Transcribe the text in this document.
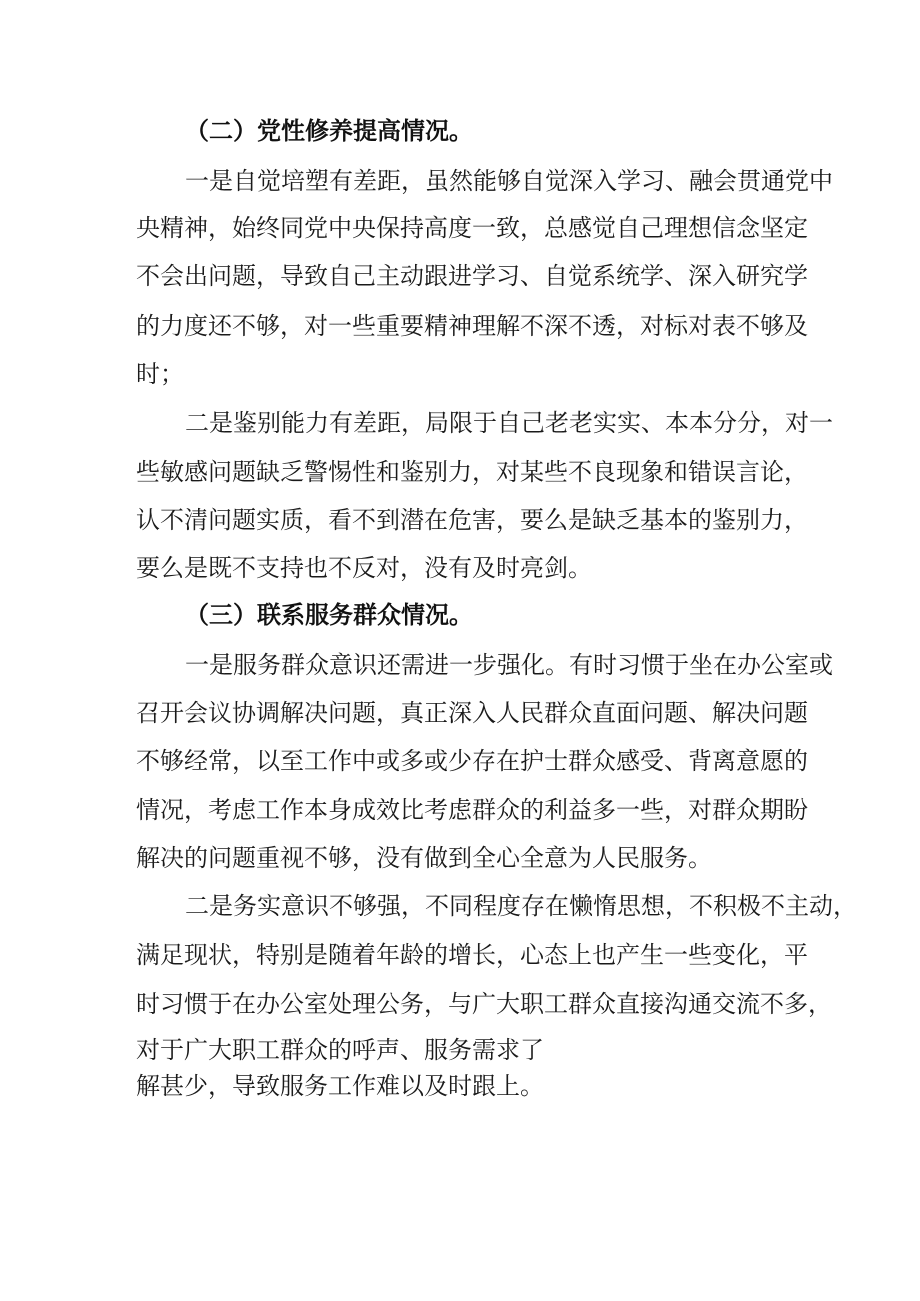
（二）党性修养提高情况。
一是自觉培塑有差距，虽然能够自觉深入学习、融会贯通党中
央精神，始终同党中央保持高度一致，总感觉自己理想信念坚定
不会出问题，导致自己主动跟进学习、自觉系统学、深入研究学
的力度还不够，对一些重要精神理解不深不透，对标对表不够及
时；
二是鉴别能力有差距，局限于自己老老实实、本本分分，对一
些敏感问题缺乏警惕性和鉴别力，对某些不良现象和错误言论，
认不清问题实质，看不到潜在危害，要么是缺乏基本的鉴别力，
要么是既不支持也不反对，没有及时亮剑。
（三）联系服务群众情况。
一是服务群众意识还需进一步强化。有时习惯于坐在办公室或
召开会议协调解决问题，真正深入人民群众直面问题、解决问题
不够经常，以至工作中或多或少存在护士群众感受、背离意愿的
情况，考虑工作本身成效比考虑群众的利益多一些，对群众期盼
解决的问题重视不够，没有做到全心全意为人民服务。
二是务实意识不够强，不同程度存在懒惰思想，不积极不主动，
满足现状，特别是随着年龄的增长，心态上也产生一些变化，平
时习惯于在办公室处理公务，与广大职工群众直接沟通交流不多，
对于广大职工群众的呼声、服务需求了
解甚少，导致服务工作难以及时跟上。
